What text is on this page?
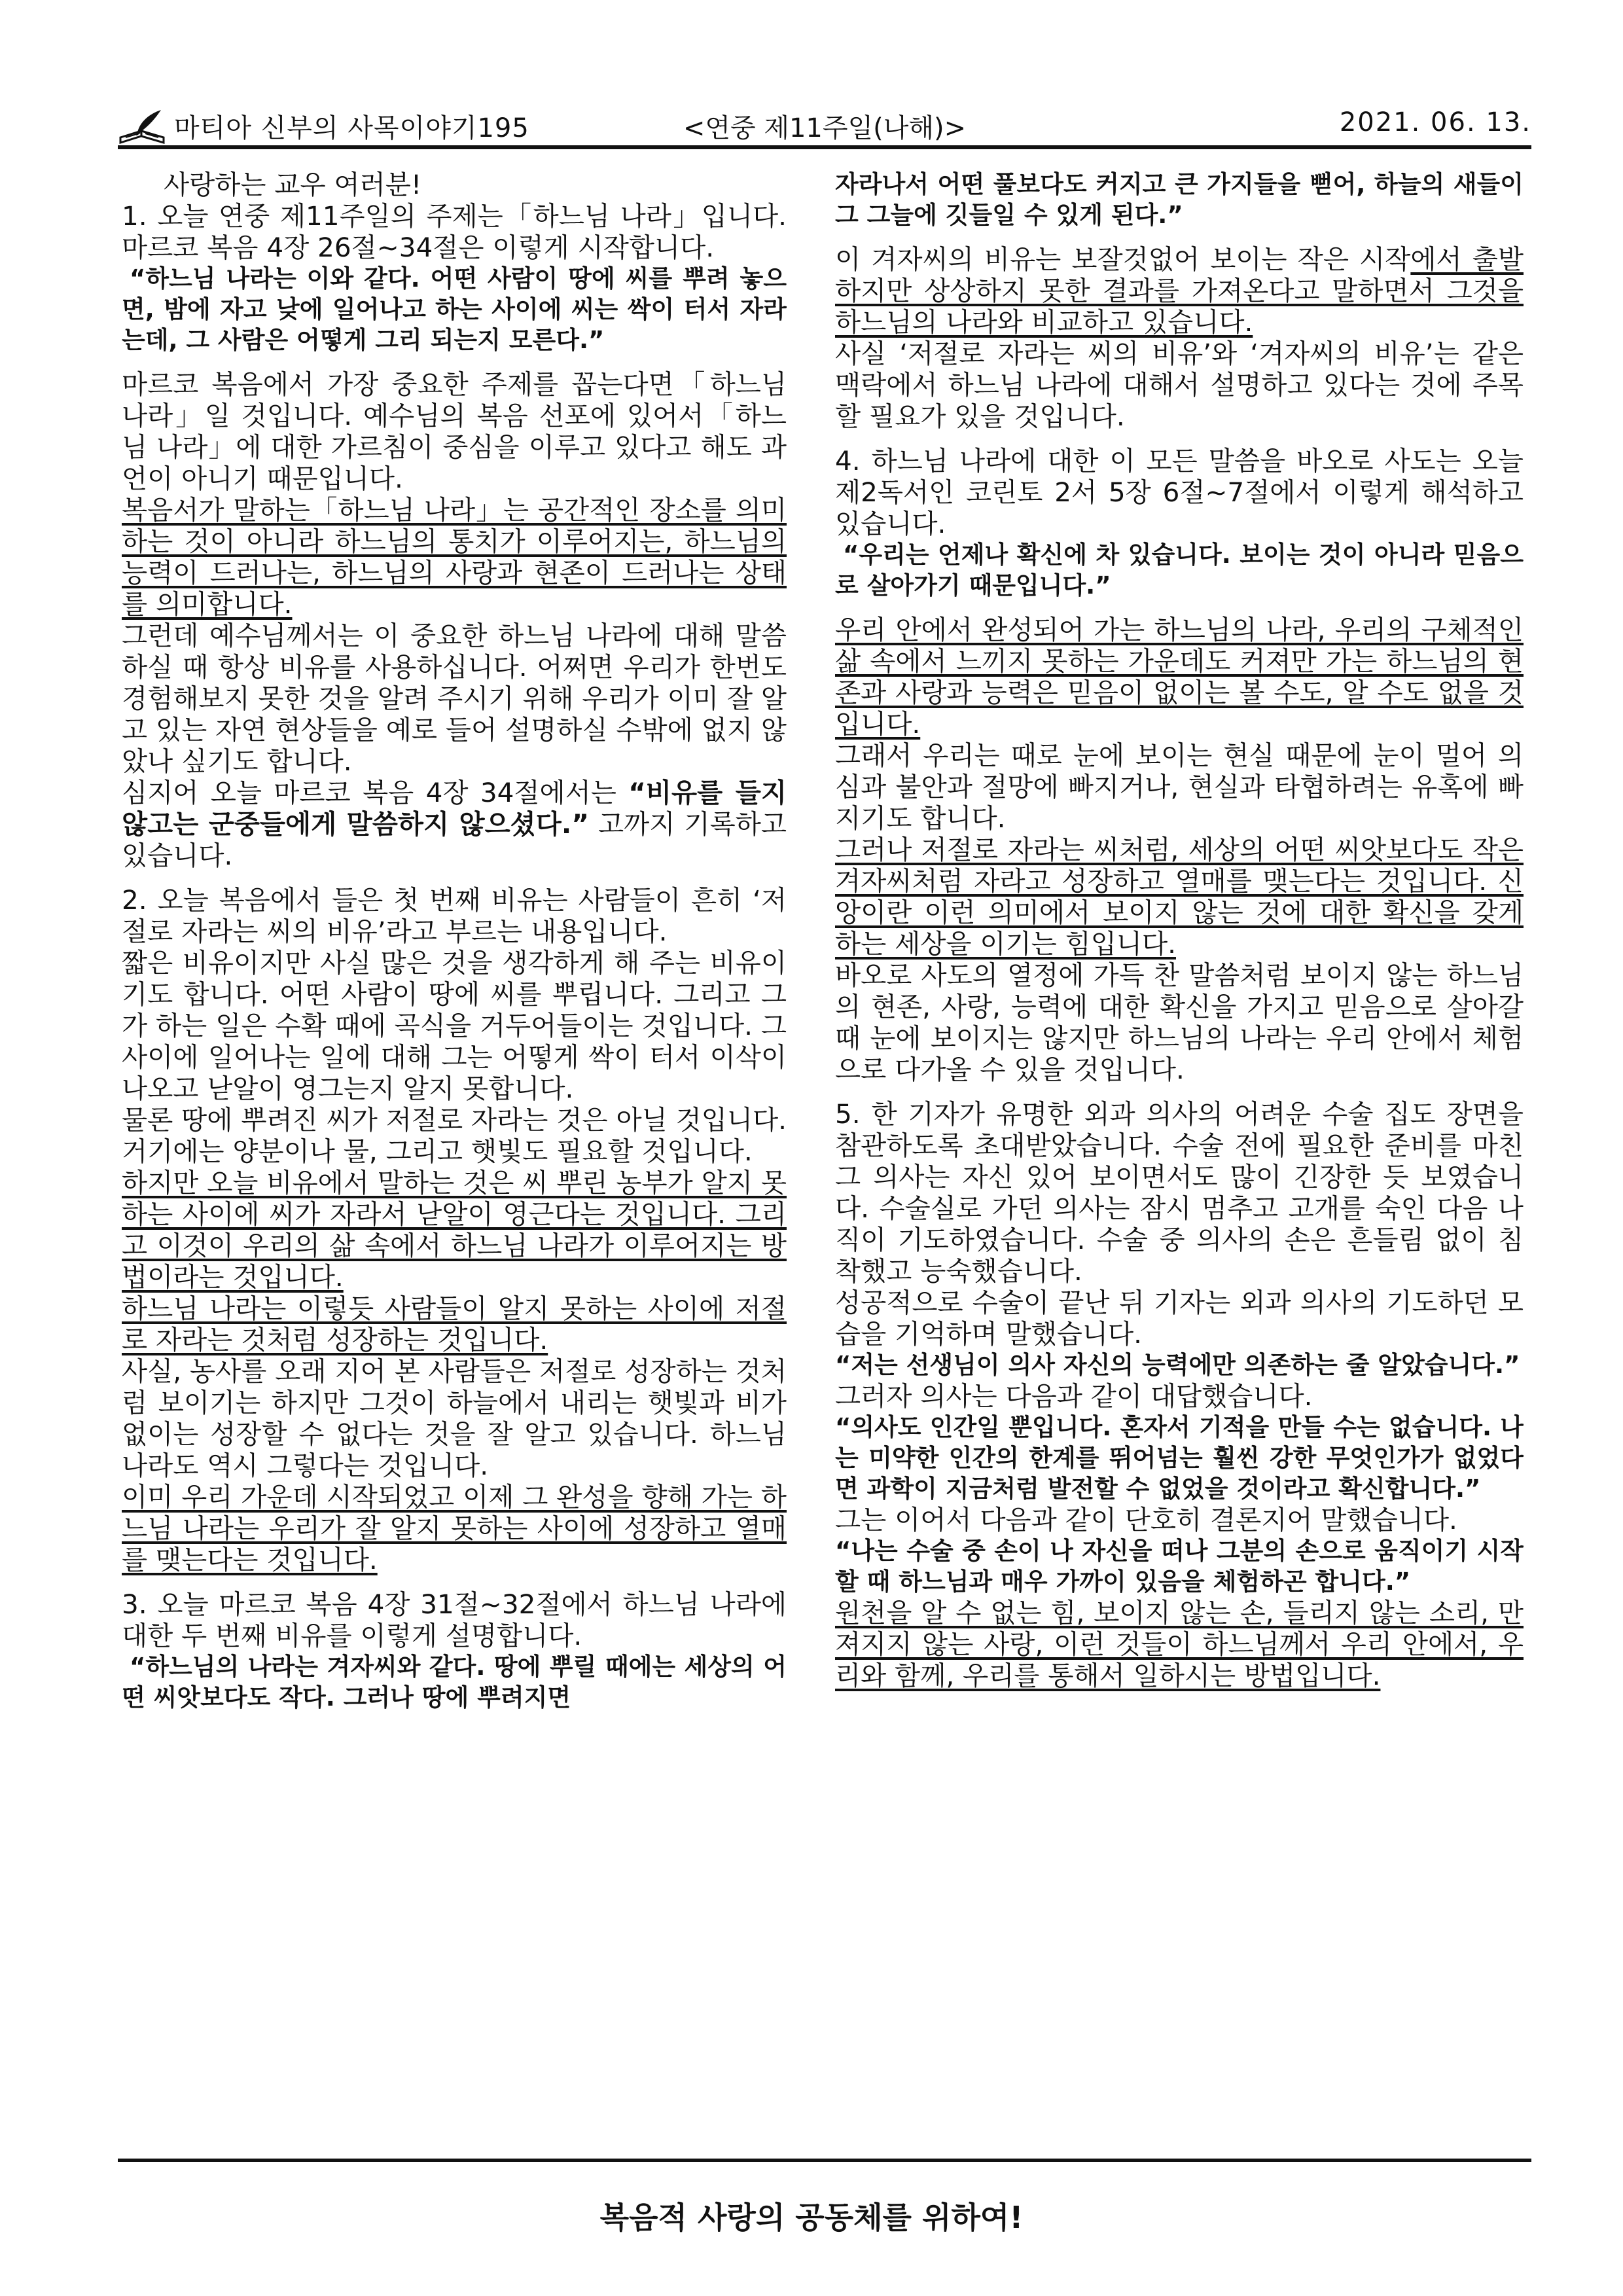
마티아 신부의 사목이야기195	<연중 제11주일(나해)>	2021. 06. 13.

사랑하는 교우 여러분!

1. 오늘 연중 제11주일의 주제는「하느님 나라」입니다. 마르코 복음 4장 26절~34절은 이렇게 시작합니다.

“하느님 나라는 이와 같다. 어떤 사람이 땅에 씨를 뿌려 놓으면, 밤에 자고 낮에 일어나고 하는 사이에 씨는 싹이 터서 자라는데, 그 사람은 어떻게 그리 되는지 모른다.”

마르코 복음에서 가장 중요한 주제를 꼽는다면「하느님 나라」일 것입니다. 예수님의 복음 선포에 있어서「하느님 나라」에 대한 가르침이 중심을 이루고 있다고 해도 과언이 아니기 때문입니다.

복음서가 말하는「하느님 나라」는 공간적인 장소를 의미하는 것이 아니라 하느님의 통치가 이루어지는, 하느님의 능력이 드러나는, 하느님의 사랑과 현존이 드러나는 상태를 의미합니다.

그런데 예수님께서는 이 중요한 하느님 나라에 대해 말씀하실 때 항상 비유를 사용하십니다. 어쩌면 우리가 한번도 경험해보지 못한 것을 알려 주시기 위해 우리가 이미 잘 알고 있는 자연 현상들을 예로 들어 설명하실 수밖에 없지 않았나 싶기도 합니다.

심지어 오늘 마르코 복음 4장 34절에서는 “비유를 들지 않고는 군중들에게 말씀하지 않으셨다.” 고까지 기록하고 있습니다.

2. 오늘 복음에서 들은 첫 번째 비유는 사람들이 흔히 ‘저절로 자라는 씨의 비유’라고 부르는 내용입니다.

짧은 비유이지만 사실 많은 것을 생각하게 해 주는 비유이기도 합니다. 어떤 사람이 땅에 씨를 뿌립니다. 그리고 그가 하는 일은 수확 때에 곡식을 거두어들이는 것입니다. 그사이에 일어나는 일에 대해 그는 어떻게 싹이 터서 이삭이 나오고 낟알이 영그는지 알지 못합니다.

물론 땅에 뿌려진 씨가 저절로 자라는 것은 아닐 것입니다. 거기에는 양분이나 물, 그리고 햇빛도 필요할 것입니다.

하지만 오늘 비유에서 말하는 것은 씨 뿌린 농부가 알지 못하는 사이에 씨가 자라서 낟알이 영근다는 것입니다. 그리고 이것이 우리의 삶 속에서 하느님 나라가 이루어지는 방법이라는 것입니다.

하느님 나라는 이렇듯 사람들이 알지 못하는 사이에 저절로 자라는 것처럼 성장하는 것입니다.

사실, 농사를 오래 지어 본 사람들은 저절로 성장하는 것처럼 보이기는 하지만 그것이 하늘에서 내리는 햇빛과 비가 없이는 성장할 수 없다는 것을 잘 알고 있습니다. 하느님 나라도 역시 그렇다는 것입니다.

이미 우리 가운데 시작되었고 이제 그 완성을 향해 가는 하느님 나라는 우리가 잘 알지 못하는 사이에 성장하고 열매를 맺는다는 것입니다.

3. 오늘 마르코 복음 4장 31절~32절에서 하느님 나라에 대한 두 번째 비유를 이렇게 설명합니다.

“하느님의 나라는 겨자씨와 같다. 땅에 뿌릴 때에는 세상의 어떤 씨앗보다도 작다. 그러나 땅에 뿌려지면

자라나서 어떤 풀보다도 커지고 큰 가지들을 뻗어, 하늘의 새들이 그 그늘에 깃들일 수 있게 된다.”

이 겨자씨의 비유는 보잘것없어 보이는 작은 시작에서 출발하지만 상상하지 못한 결과를 가져온다고 말하면서 그것을 하느님의 나라와 비교하고 있습니다.

사실 ‘저절로 자라는 씨의 비유’와 ‘겨자씨의 비유’는 같은 맥락에서 하느님 나라에 대해서 설명하고 있다는 것에 주목할 필요가 있을 것입니다.

4. 하느님 나라에 대한 이 모든 말씀을 바오로 사도는 오늘 제2독서인 코린토 2서 5장 6절~7절에서 이렇게 해석하고 있습니다.

“우리는 언제나 확신에 차 있습니다. 보이는 것이 아니라 믿음으로 살아가기 때문입니다.”

우리 안에서 완성되어 가는 하느님의 나라, 우리의 구체적인 삶 속에서 느끼지 못하는 가운데도 커져만 가는 하느님의 현존과 사랑과 능력은 믿음이 없이는 볼 수도, 알 수도 없을 것입니다.

그래서 우리는 때로 눈에 보이는 현실 때문에 눈이 멀어 의심과 불안과 절망에 빠지거나, 현실과 타협하려는 유혹에 빠지기도 합니다.

그러나 저절로 자라는 씨처럼, 세상의 어떤 씨앗보다도 작은 겨자씨처럼 자라고 성장하고 열매를 맺는다는 것입니다. 신앙이란 이런 의미에서 보이지 않는 것에 대한 확신을 갖게 하는 세상을 이기는 힘입니다.

바오로 사도의 열정에 가득 찬 말씀처럼 보이지 않는 하느님의 현존, 사랑, 능력에 대한 확신을 가지고 믿음으로 살아갈 때 눈에 보이지는 않지만 하느님의 나라는 우리 안에서 체험으로 다가올 수 있을 것입니다.

5. 한 기자가 유명한 외과 의사의 어려운 수술 집도 장면을 참관하도록 초대받았습니다. 수술 전에 필요한 준비를 마친 그 의사는 자신 있어 보이면서도 많이 긴장한 듯 보였습니다. 수술실로 가던 의사는 잠시 멈추고 고개를 숙인 다음 나직이 기도하였습니다. 수술 중 의사의 손은 흔들림 없이 침착했고 능숙했습니다.

성공적으로 수술이 끝난 뒤 기자는 외과 의사의 기도하던 모습을 기억하며 말했습니다.

“저는 선생님이 의사 자신의 능력에만 의존하는 줄 알았습니다.”

그러자 의사는 다음과 같이 대답했습니다.

“의사도 인간일 뿐입니다. 혼자서 기적을 만들 수는 없습니다. 나는 미약한 인간의 한계를 뛰어넘는 훨씬 강한 무엇인가가 없었다면 과학이 지금처럼 발전할 수 없었을 것이라고 확신합니다.”

그는 이어서 다음과 같이 단호히 결론지어 말했습니다.

“나는 수술 중 손이 나 자신을 떠나 그분의 손으로 움직이기 시작할 때 하느님과 매우 가까이 있음을 체험하곤 합니다.”

원천을 알 수 없는 힘, 보이지 않는 손, 들리지 않는 소리, 만져지지 않는 사랑, 이런 것들이 하느님께서 우리 안에서, 우리와 함께, 우리를 통해서 일하시는 방법입니다.

복음적 사랑의 공동체를 위하여!
